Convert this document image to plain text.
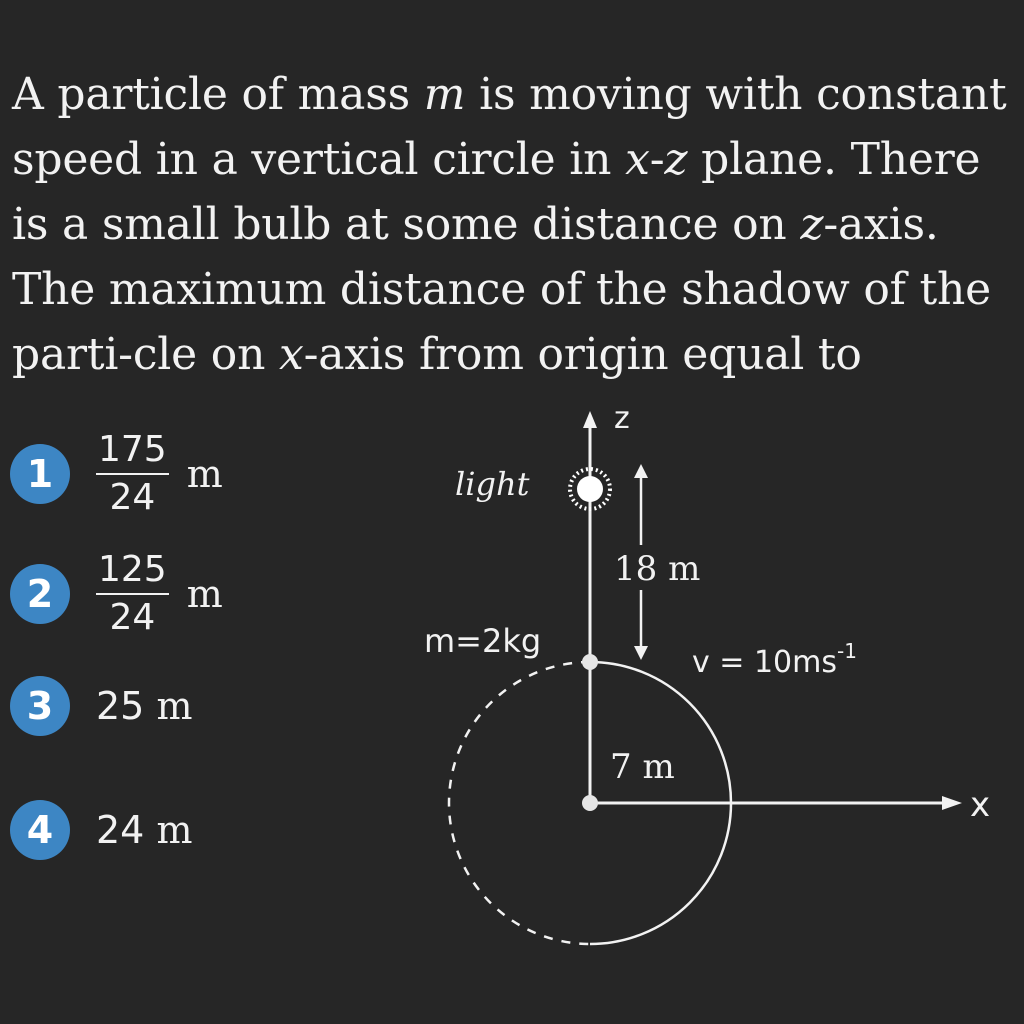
A particle of mass m is moving with constant speed in a vertical circle in x-z plane. There is a small bulb at some distance on z-axis. The maximum distance of the shadow of the parti-cle on x-axis from origin equal to
1	$\frac{175}{24}$ m
2	$\frac{125}{24}$ m
3	25
m
4	24
m
z
x
light
18 m
m=2kg
$v = 10ms^{-1}$
7 m
